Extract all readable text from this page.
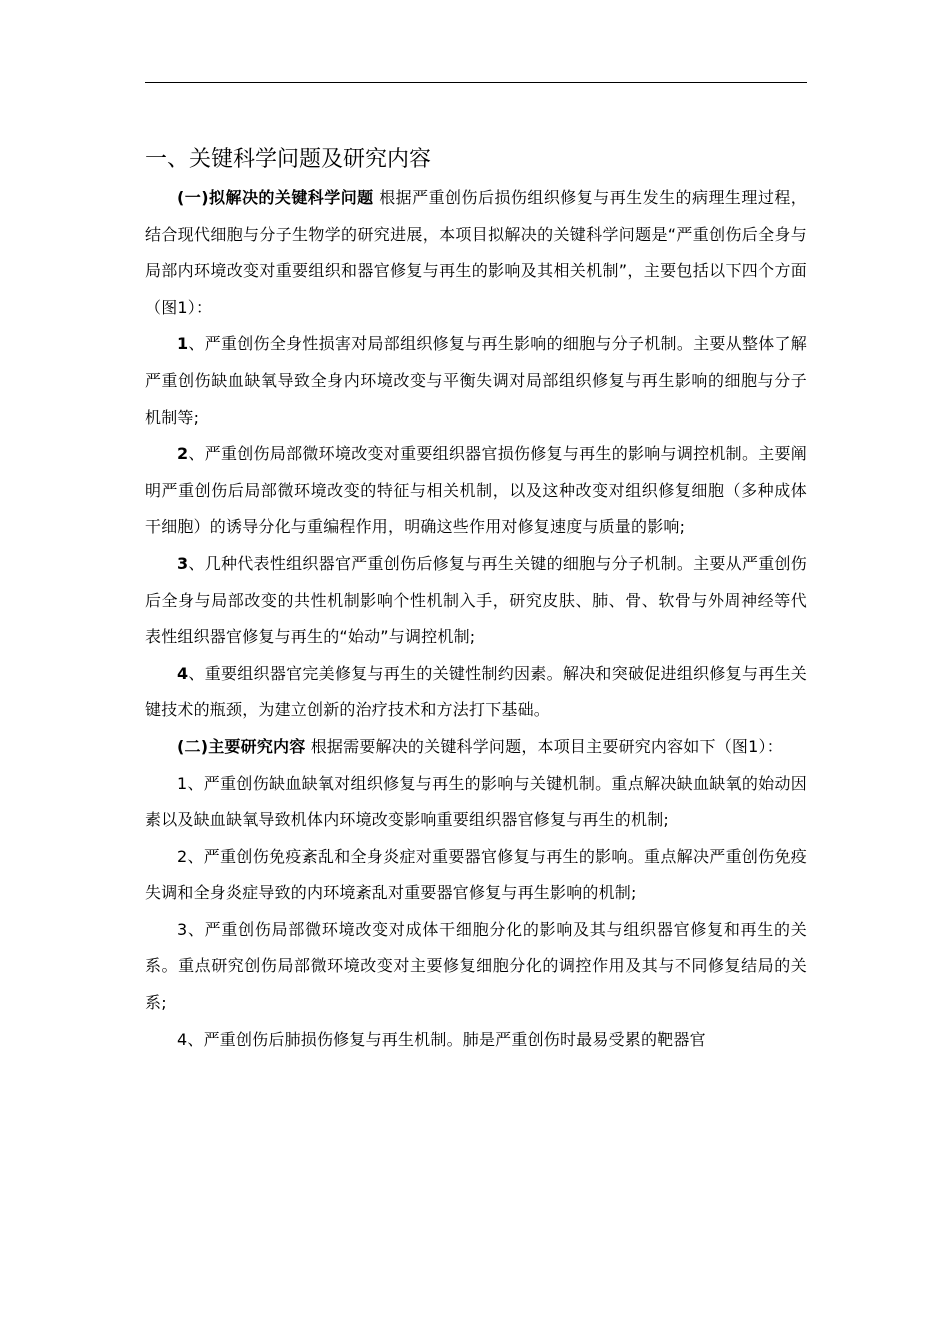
一、关键科学问题及研究内容

(一)拟解决的关键科学问题 根据严重创伤后损伤组织修复与再生发生的病理生理过程，结合现代细胞与分子生物学的研究进展，本项目拟解决的关键科学问题是“严重创伤后全身与局部内环境改变对重要组织和器官修复与再生的影响及其相关机制”，主要包括以下四个方面（图1）：

1、严重创伤全身性损害对局部组织修复与再生影响的细胞与分子机制。主要从整体了解严重创伤缺血缺氧导致全身内环境改变与平衡失调对局部组织修复与再生影响的细胞与分子机制等;

2、严重创伤局部微环境改变对重要组织器官损伤修复与再生的影响与调控机制。主要阐明严重创伤后局部微环境改变的特征与相关机制，以及这种改变对组织修复细胞（多种成体干细胞）的诱导分化与重编程作用，明确这些作用对修复速度与质量的影响;

3、几种代表性组织器官严重创伤后修复与再生关键的细胞与分子机制。主要从严重创伤后全身与局部改变的共性机制影响个性机制入手，研究皮肤、肺、骨、软骨与外周神经等代表性组织器官修复与再生的“始动”与调控机制;

4、重要组织器官完美修复与再生的关键性制约因素。解决和突破促进组织修复与再生关键技术的瓶颈，为建立创新的治疗技术和方法打下基础。

(二)主要研究内容 根据需要解决的关键科学问题，本项目主要研究内容如下（图1）：

1、严重创伤缺血缺氧对组织修复与再生的影响与关键机制。重点解决缺血缺氧的始动因素以及缺血缺氧导致机体内环境改变影响重要组织器官修复与再生的机制;

2、严重创伤免疫紊乱和全身炎症对重要器官修复与再生的影响。重点解决严重创伤免疫失调和全身炎症导致的内环境紊乱对重要器官修复与再生影响的机制;

3、严重创伤局部微环境改变对成体干细胞分化的影响及其与组织器官修复和再生的关系。重点研究创伤局部微环境改变对主要修复细胞分化的调控作用及其与不同修复结局的关系;

4、严重创伤后肺损伤修复与再生机制。肺是严重创伤时最易受累的靶器官
